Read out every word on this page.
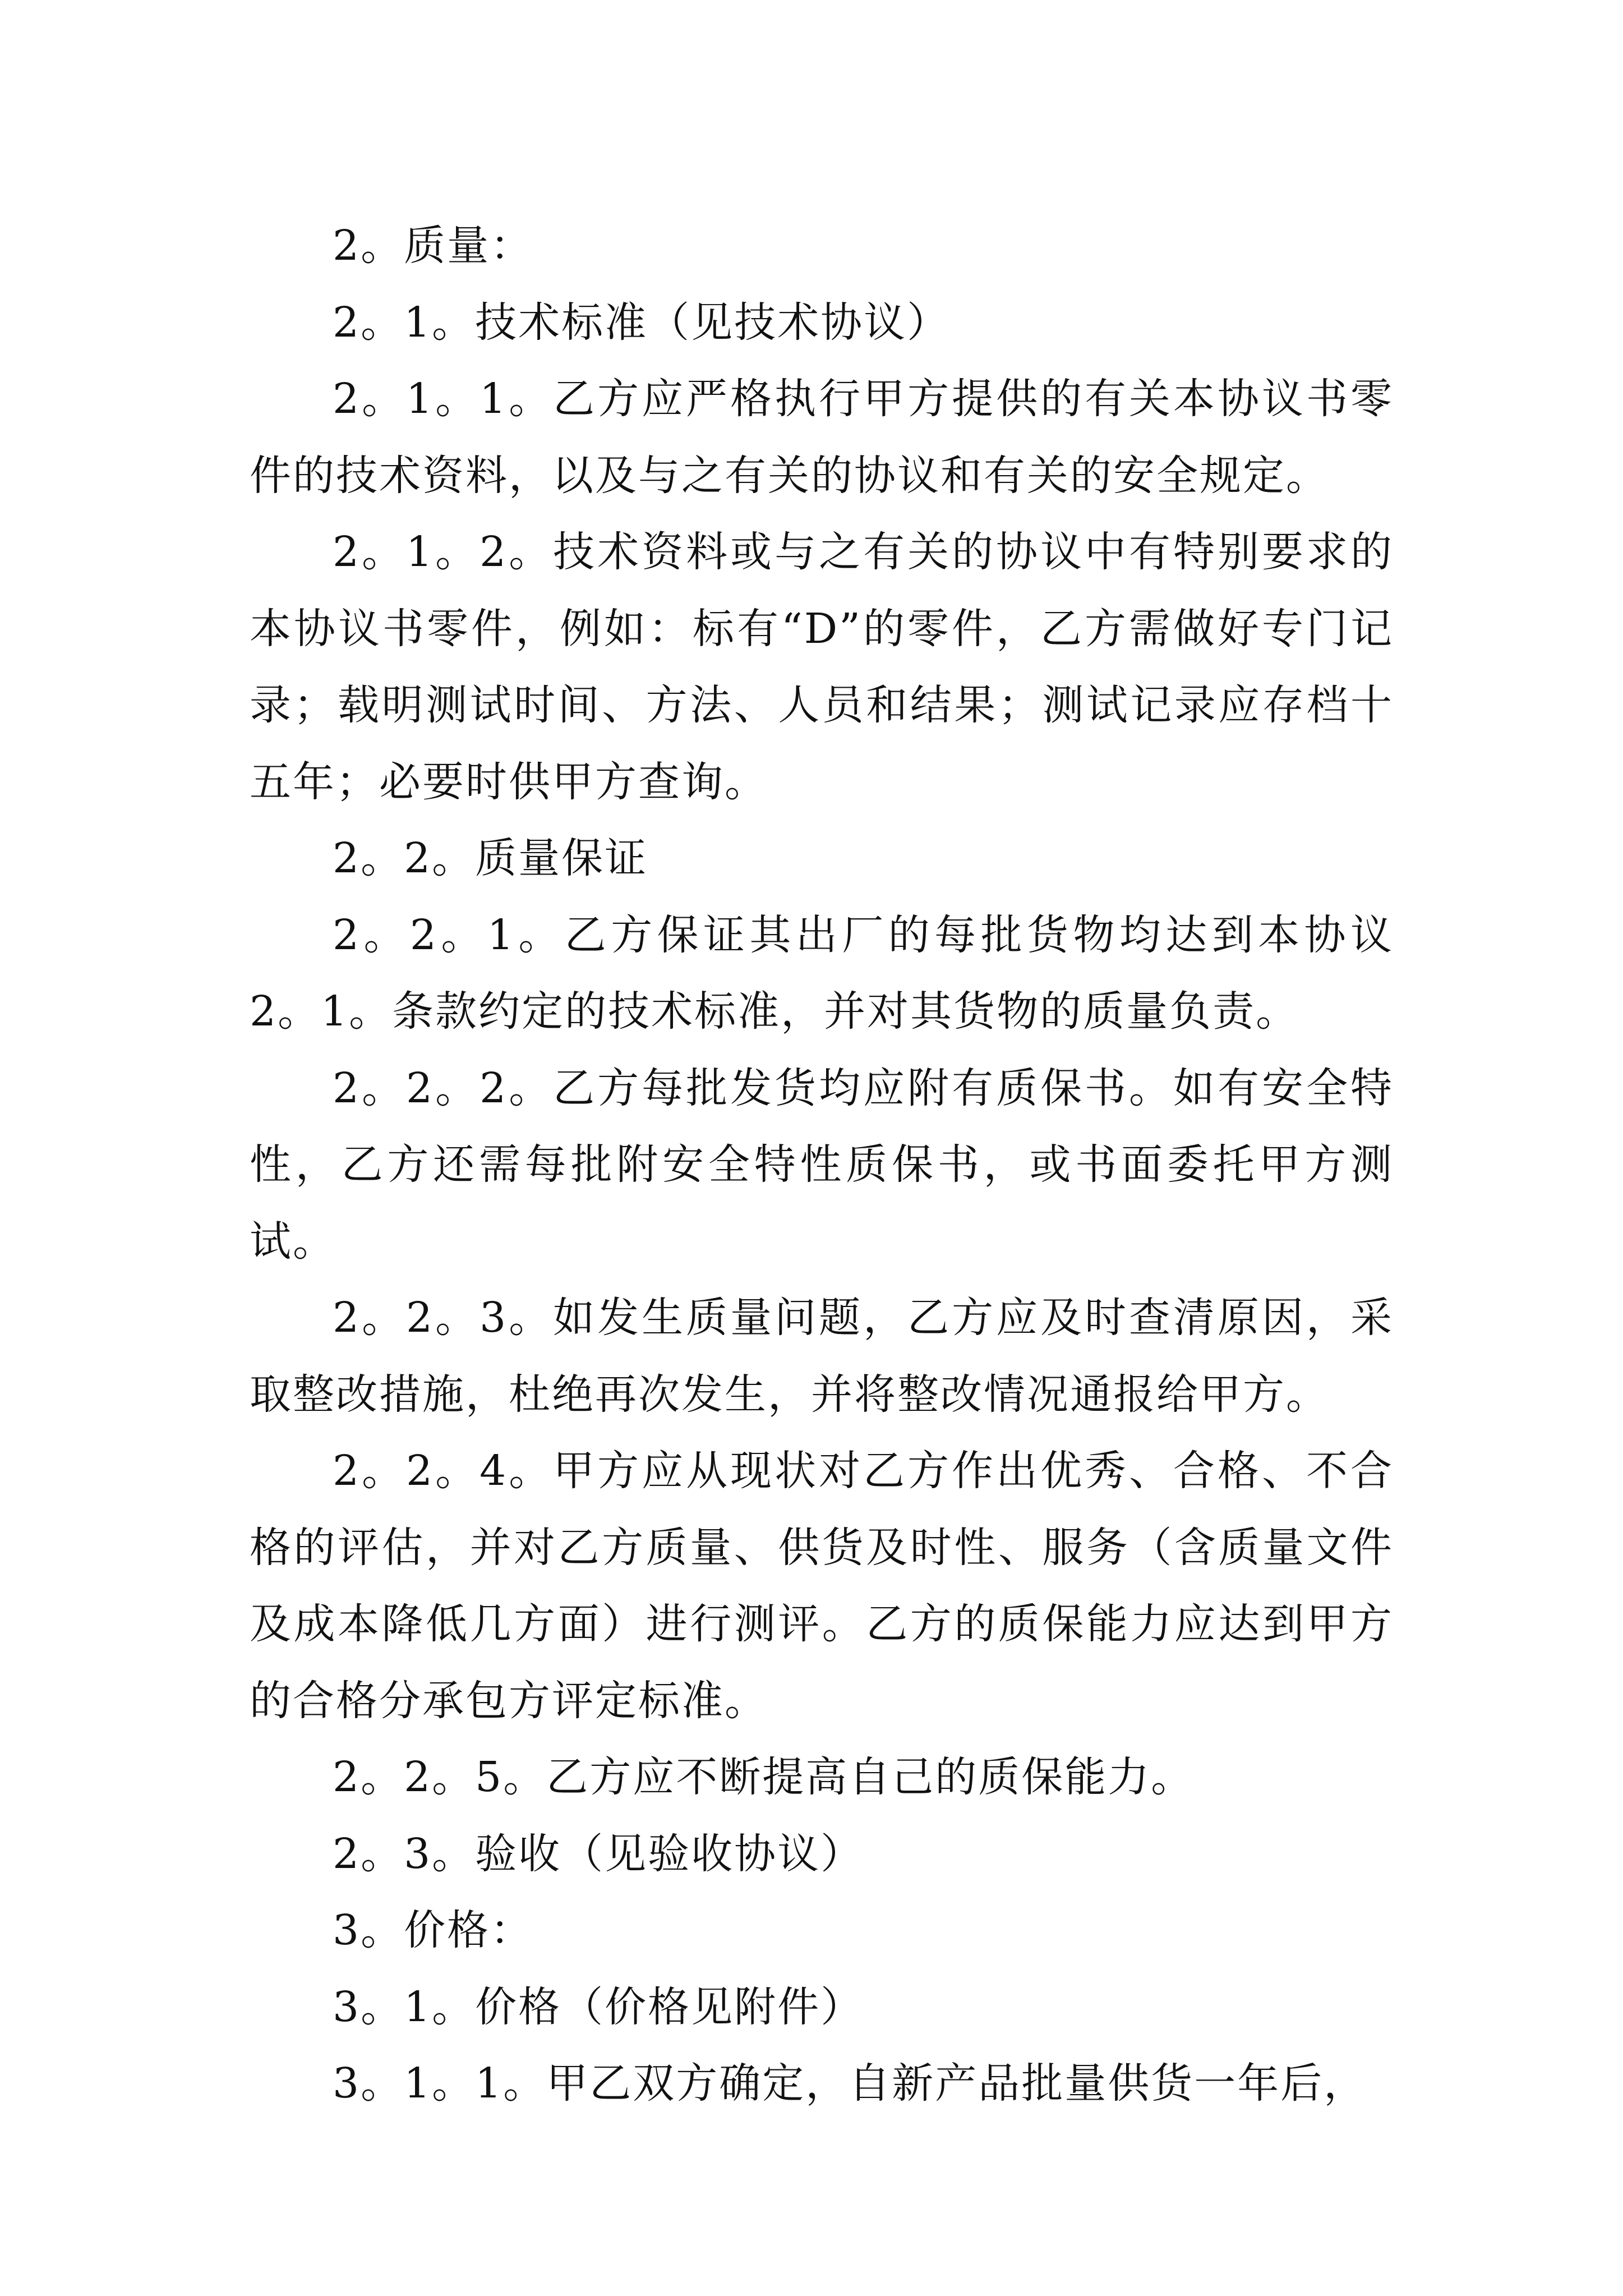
2。质量：

2。1。技术标准（见技术协议）

2。1。1。乙方应严格执行甲方提供的有关本协议书零件的技术资料，以及与之有关的协议和有关的安全规定。

2。1。2。技术资料或与之有关的协议中有特别要求的本协议书零件，例如：标有“D”的零件，乙方需做好专门记录；载明测试时间、方法、人员和结果；测试记录应存档十五年；必要时供甲方查询。

2。2。质量保证

2。2。1。乙方保证其出厂的每批货物均达到本协议2。1。条款约定的技术标准，并对其货物的质量负责。

2。2。2。乙方每批发货均应附有质保书。如有安全特性，乙方还需每批附安全特性质保书，或书面委托甲方测试。

2。2。3。如发生质量问题，乙方应及时查清原因，采取整改措施，杜绝再次发生，并将整改情况通报给甲方。

2。2。4。甲方应从现状对乙方作出优秀、合格、不合格的评估，并对乙方质量、供货及时性、服务（含质量文件及成本降低几方面）进行测评。乙方的质保能力应达到甲方的合格分承包方评定标准。

2。2。5。乙方应不断提高自己的质保能力。

2。3。验收（见验收协议）

3。价格：

3。1。价格（价格见附件）

3。1。1。甲乙双方确定，自新产品批量供货一年后，
